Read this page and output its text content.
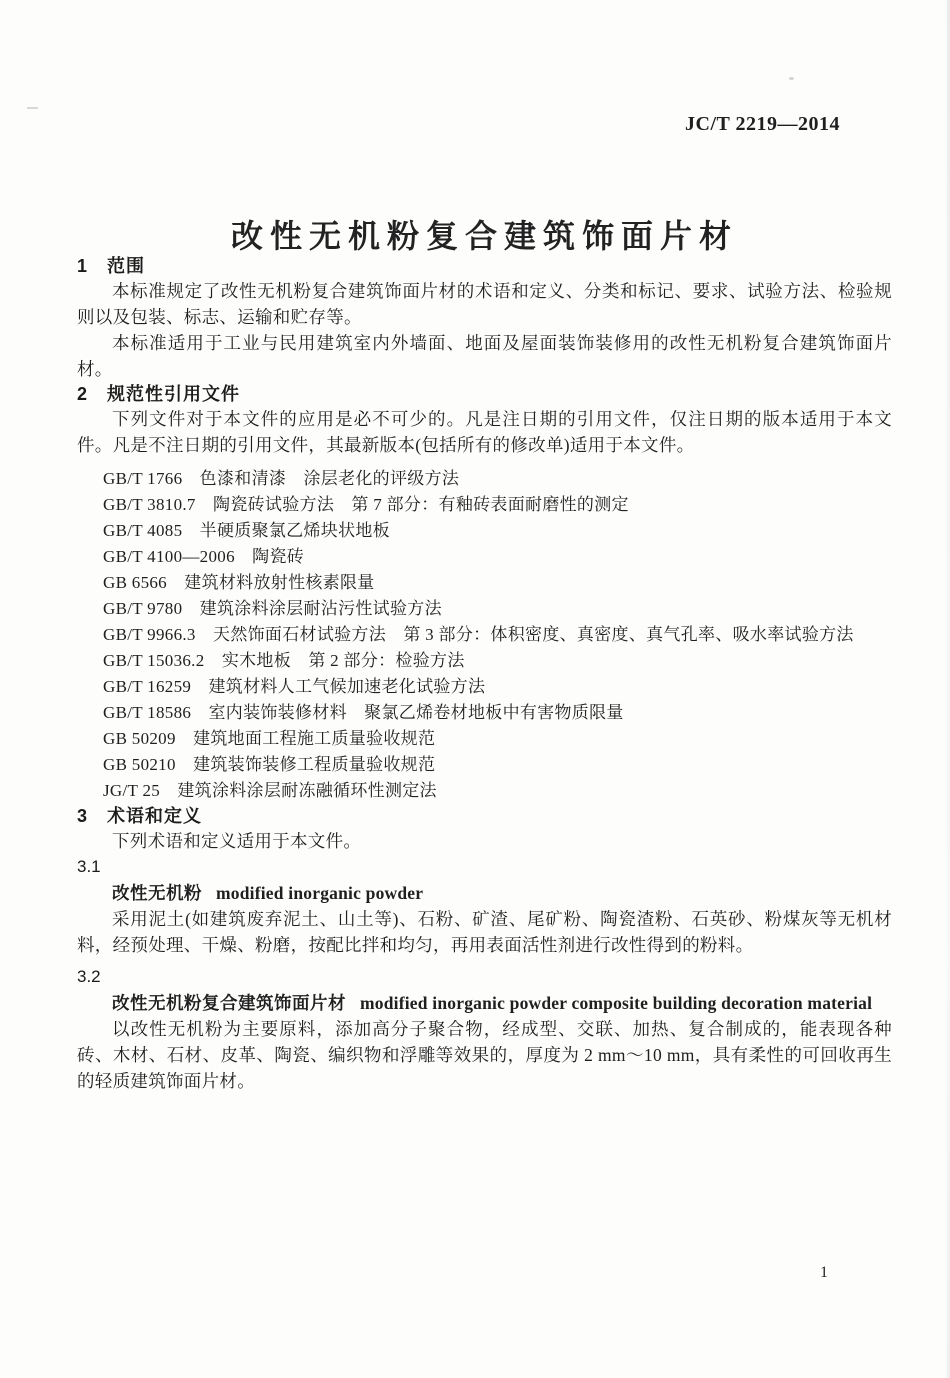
JC/T 2219—2014
改性无机粉复合建筑饰面片材
1　范围

本标准规定了改性无机粉复合建筑饰面片材的术语和定义、分类和标记、要求、试验方法、检验规则以及包装、标志、运输和贮存等。

本标准适用于工业与民用建筑室内外墙面、地面及屋面装饰装修用的改性无机粉复合建筑饰面片材。

2　规范性引用文件

下列文件对于本文件的应用是必不可少的。凡是注日期的引用文件，仅注日期的版本适用于本文件。凡是不注日期的引用文件，其最新版本(包括所有的修改单)适用于本文件。

GB/T 1766　色漆和清漆　涂层老化的评级方法
GB/T 3810.7　陶瓷砖试验方法　第 7 部分：有釉砖表面耐磨性的测定
GB/T 4085　半硬质聚氯乙烯块状地板
GB/T 4100—2006　陶瓷砖
GB 6566　建筑材料放射性核素限量
GB/T 9780　建筑涂料涂层耐沾污性试验方法
GB/T 9966.3　天然饰面石材试验方法　第 3 部分：体积密度、真密度、真气孔率、吸水率试验方法
GB/T 15036.2　实木地板　第 2 部分：检验方法
GB/T 16259　建筑材料人工气候加速老化试验方法
GB/T 18586　室内装饰装修材料　聚氯乙烯卷材地板中有害物质限量
GB 50209　建筑地面工程施工质量验收规范
GB 50210　建筑装饰装修工程质量验收规范
JG/T 25　建筑涂料涂层耐冻融循环性测定法
3　术语和定义

下列术语和定义适用于本文件。

3.1

改性无机粉 modified inorganic powder

采用泥土(如建筑废弃泥土、山土等)、石粉、矿渣、尾矿粉、陶瓷渣粉、石英砂、粉煤灰等无机材料，经预处理、干燥、粉磨，按配比拌和均匀，再用表面活性剂进行改性得到的粉料。

3.2

改性无机粉复合建筑饰面片材 modified inorganic powder composite building decoration material

以改性无机粉为主要原料，添加高分子聚合物，经成型、交联、加热、复合制成的，能表现各种砖、木材、石材、皮革、陶瓷、编织物和浮雕等效果的，厚度为 2 mm～10 mm，具有柔性的可回收再生的轻质建筑饰面片材。

1
